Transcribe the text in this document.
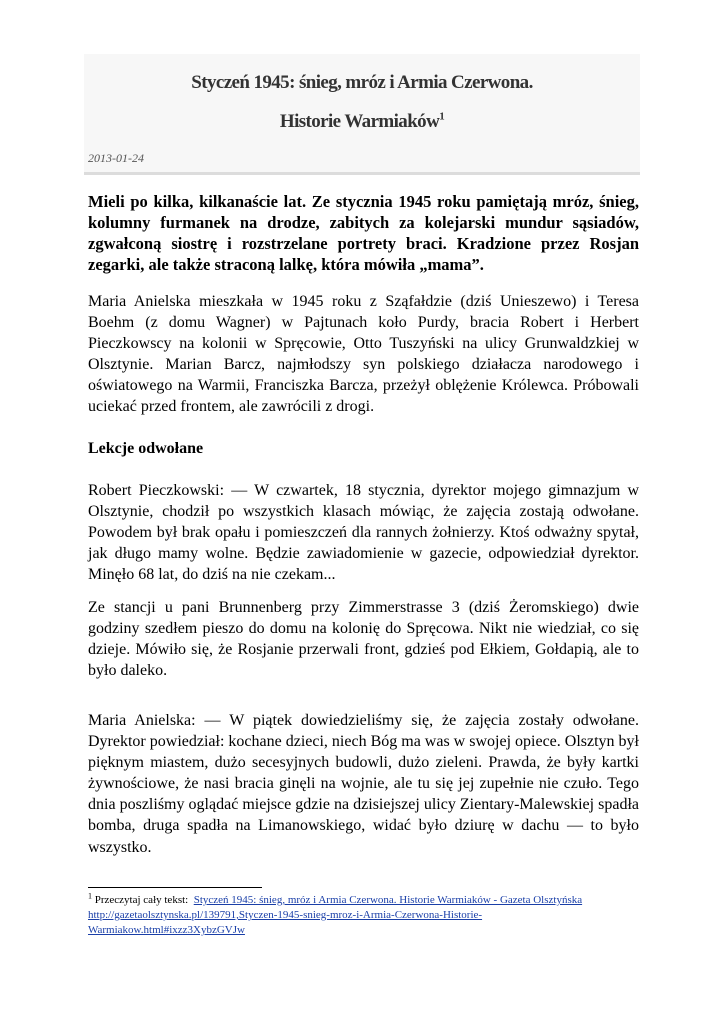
Styczeń 1945: śnieg, mróz i Armia Czerwona.
Historie Warmiaków$^1$
2013-01-24

Mieli po kilka, kilkanaście lat. Ze stycznia 1945 roku pamiętają mróz, śnieg, kolumny furmanek na drodze, zabitych za kolejarski mundur sąsiadów, zgwałconą siostrę i rozstrzelane portrety braci. Kradzione przez Rosjan zegarki, ale także straconą lalkę, która mówiła „mama”.

Maria Anielska mieszkała w 1945 roku z Sząfałdzie (dziś Unieszewo) i Teresa Boehm (z domu Wagner) w Pajtunach koło Purdy, bracia Robert i Herbert Pieczkowscy na kolonii w Spręcowie, Otto Tuszyński na ulicy Grunwaldzkiej w Olsztynie. Marian Barcz, najmłodszy syn polskiego działacza narodowego i oświatowego na Warmii, Franciszka Barcza, przeżył oblężenie Królewca. Próbowali uciekać przed frontem, ale zawrócili z drogi.

Lekcje odwołane

Robert Pieczkowski: — W czwartek, 18 stycznia, dyrektor mojego gimnazjum w Olsztynie, chodził po wszystkich klasach mówiąc, że zajęcia zostają odwołane. Powodem był brak opału i pomieszczeń dla rannych żołnierzy. Ktoś odważny spytał, jak długo mamy wolne. Będzie zawiadomienie w gazecie, odpowiedział dyrektor. Minęło 68 lat, do dziś na nie czekam...

Ze stancji u pani Brunnenberg przy Zimmerstrasse 3 (dziś Żeromskiego) dwie godziny szedłem pieszo do domu na kolonię do Spręcowa. Nikt nie wiedział, co się dzieje. Mówiło się, że Rosjanie przerwali front, gdzieś pod Ełkiem, Gołdapią, ale to było daleko.

Maria Anielska: — W piątek dowiedzieliśmy się, że zajęcia zostały odwołane. Dyrektor powiedział: kochane dzieci, niech Bóg ma was w swojej opiece. Olsztyn był pięknym miastem, dużo secesyjnych budowli, dużo zieleni. Prawda, że były kartki żywnościowe, że nasi bracia ginęli na wojnie, ale tu się jej zupełnie nie czuło. Tego dnia poszliśmy oglądać miejsce gdzie na dzisiejszej ulicy Zientary-Malewskiej spadła bomba, druga spadła na Limanowskiego, widać było dziurę w dachu — to było wszystko.

$^1$ Przeczytaj cały tekst: Styczeń 1945: śnieg, mróz i Armia Czerwona. Historie Warmiaków - Gazeta Olsztyńska http://gazetaolsztynska.pl/139791,Styczen-1945-snieg-mroz-i-Armia-Czerwona-Historie-Warmiakow.html#ixzz3XybzGVJw
